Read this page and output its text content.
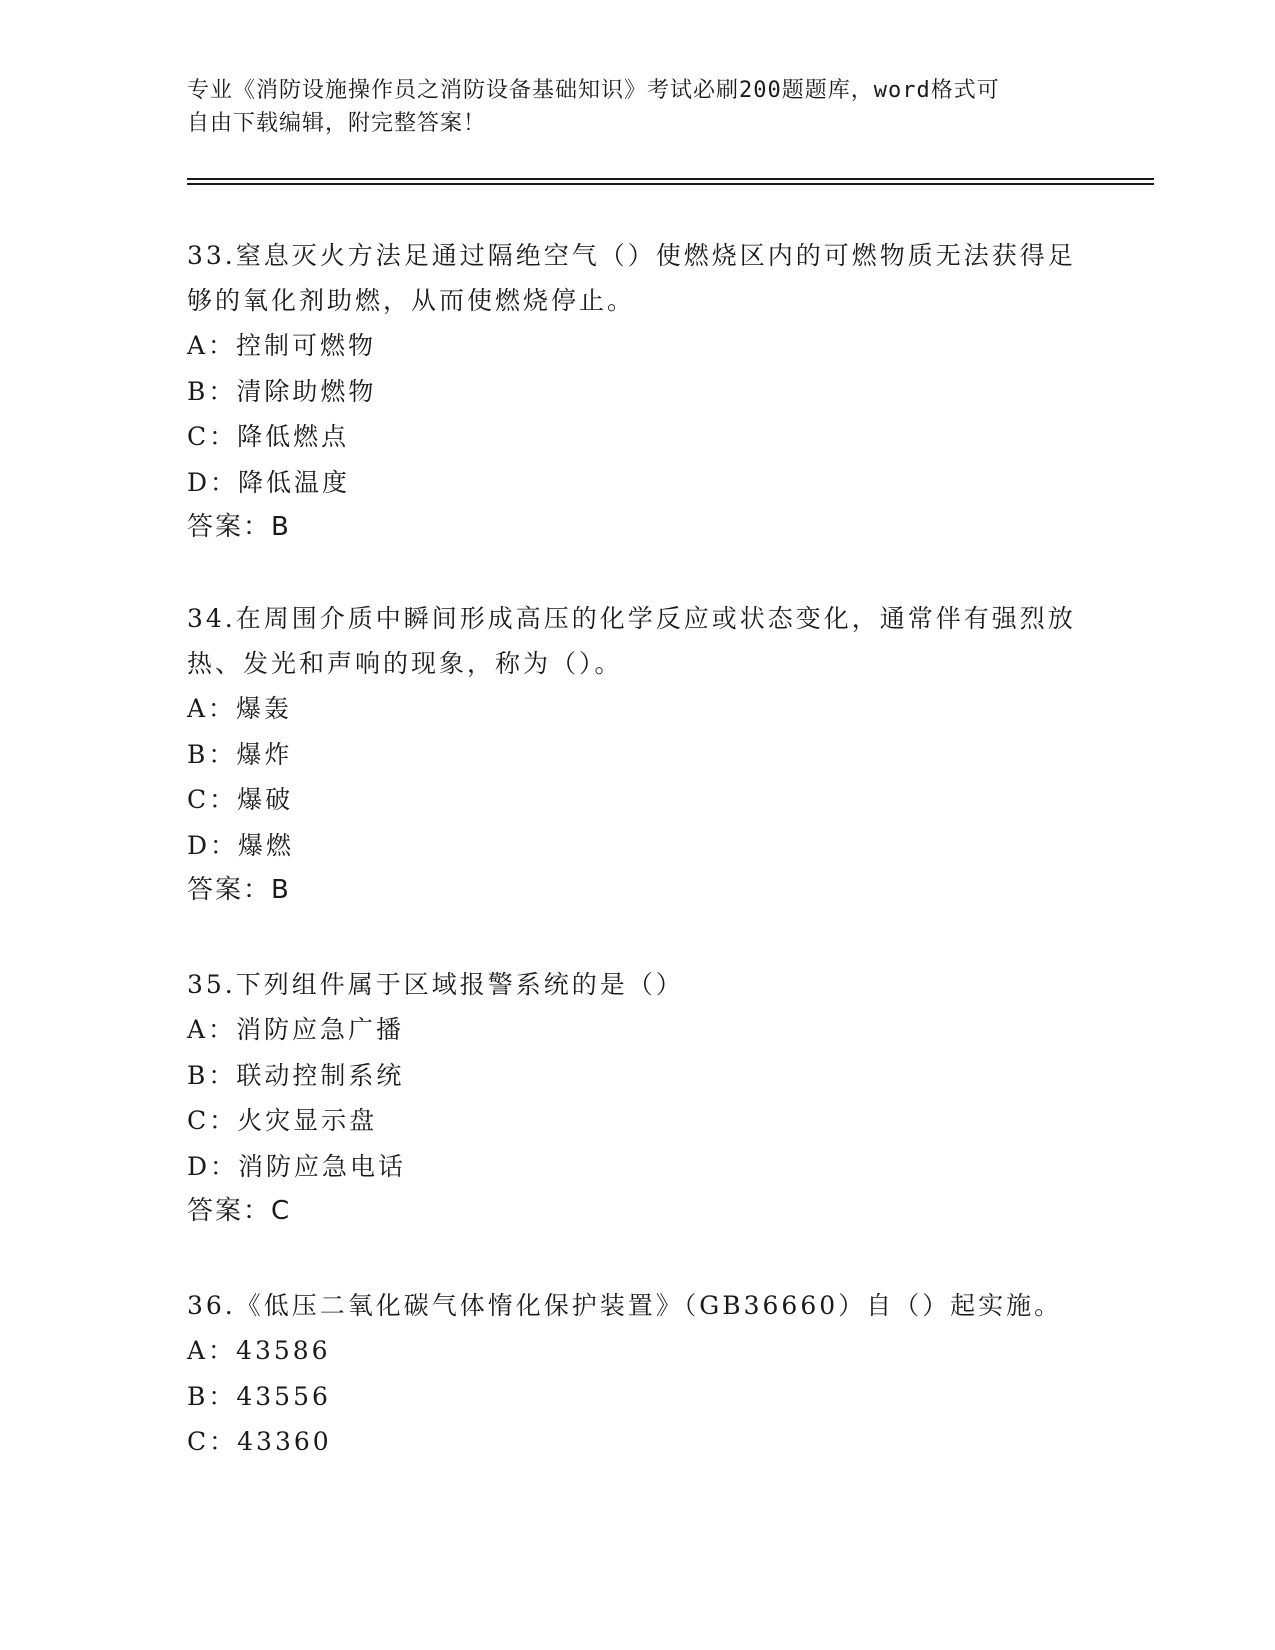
专业《消防设施操作员之消防设备基础知识》考试必刷200题题库，word格式可
自由下载编辑，附完整答案！

33.窒息灭火方法足通过隔绝空气（）使燃烧区内的可燃物质无法获得足够的氧化剂助燃，从而使燃烧停止。

A：控制可燃物

B：清除助燃物

C：降低燃点

D：降低温度

答案：B

34.在周围介质中瞬间形成高压的化学反应或状态变化，通常伴有强烈放热、发光和声响的现象，称为（）。

A：爆轰

B：爆炸

C：爆破

D：爆燃

答案：B

35.下列组件属于区域报警系统的是（）

A：消防应急广播

B：联动控制系统

C：火灾显示盘

D：消防应急电话

答案：C

36.《低压二氧化碳气体惰化保护装置》（GB36660）自（）起实施。

A：43586

B：43556

C：43360
